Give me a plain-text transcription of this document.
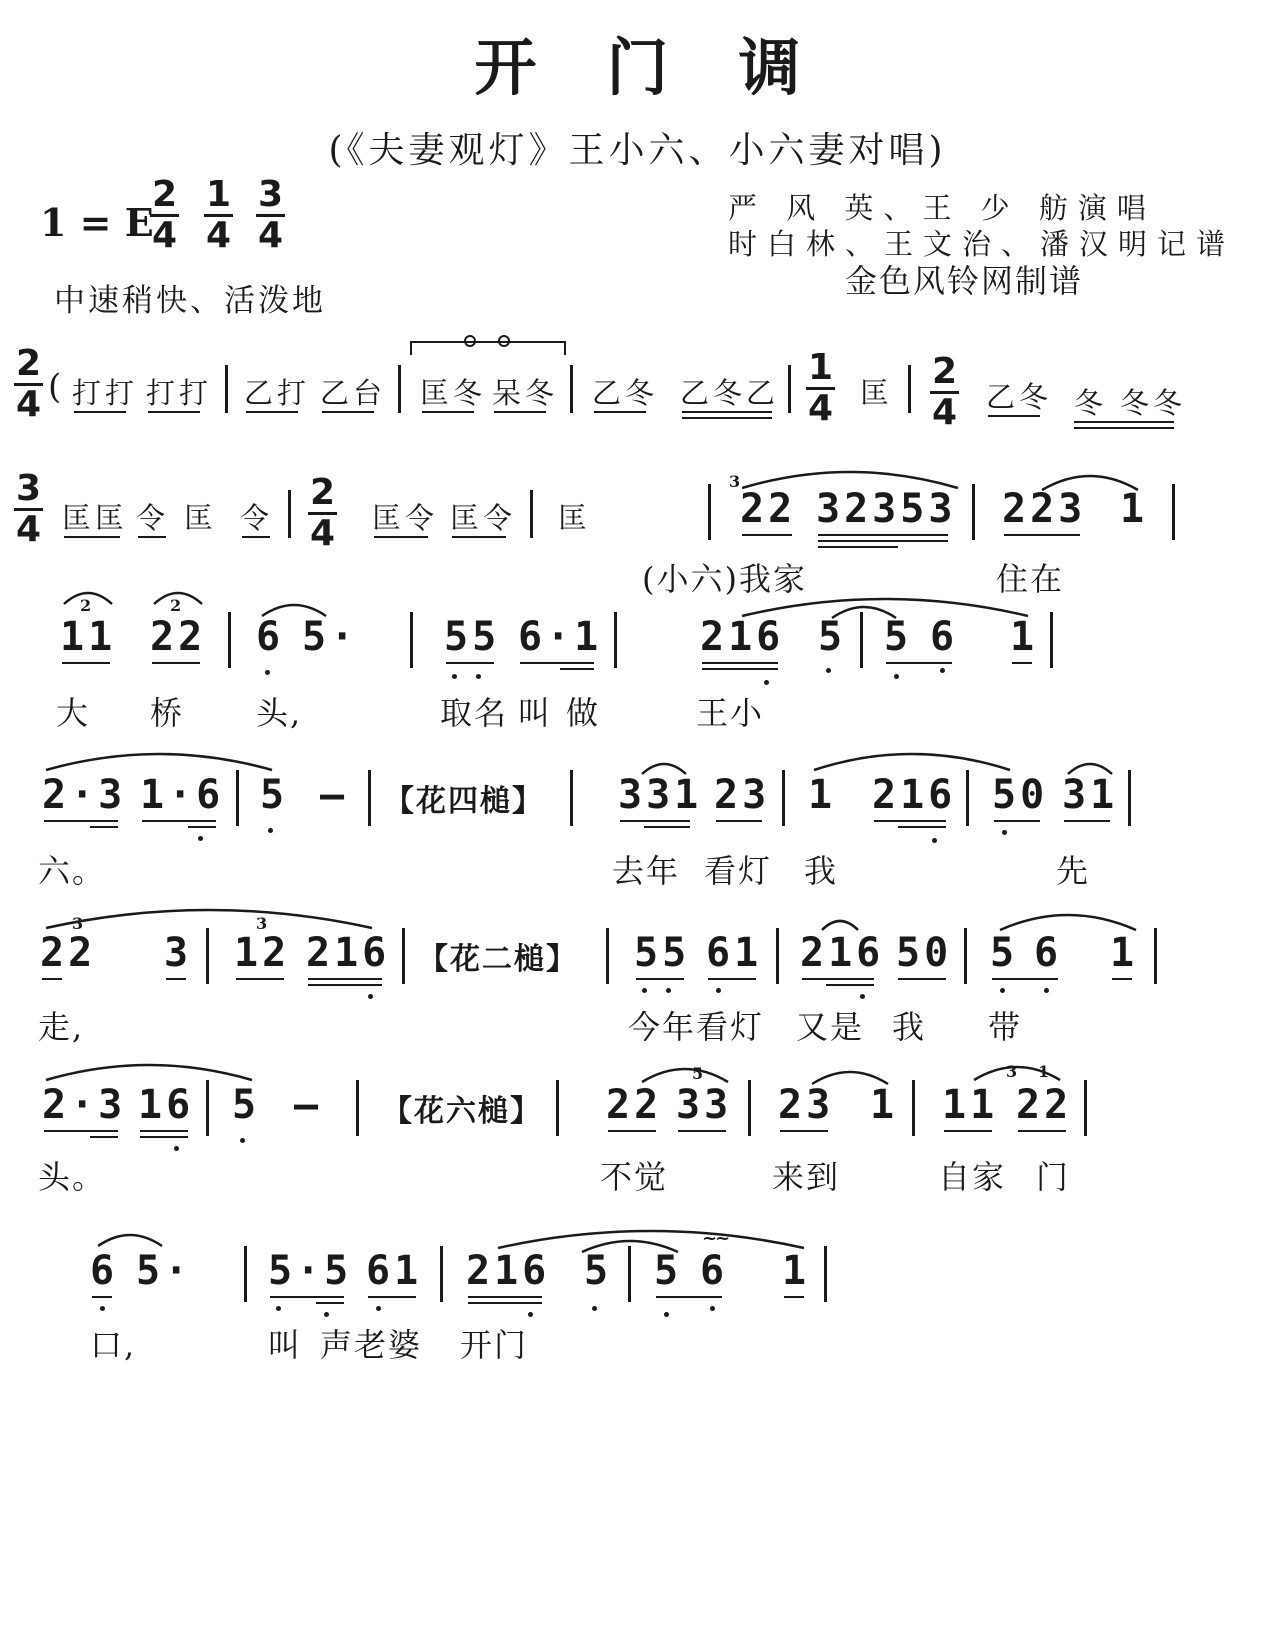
开门调
(《夫妻观灯》王小六、小六妻对唱)
1 = E
$\frac{2}{4} \frac{1}{4} \frac{3}{4}$
中速稍快、活泼地
严 风 英、王 少 舫演唱
时白林、王文治、潘汉明记谱
金色风铃网制谱
$\frac{2}{4}$ ( 打打 打打 乙打 乙台 匡冬 呆冬 乙冬 乙冬乙 $\frac{1}{4}$ 匡 $\frac{2}{4}$ 乙冬 冬 冬冬
$\frac{3}{4}$ 匡匡 令 匡 令 $\frac{2}{4}$ 匡令 匡令 匡
3
22 32353 223 1
(小六)我家	住在
2	2
11 22 6 5· 55 6·1 216 5 5 6 1
大 桥 头,	取名 叫 做	王小
2·3 1·6 5 – 【花四槌】 331 23 1 216 50 31
六。	去年 看灯 我	先
3	3
22 3 12 216 【花二槌】 55 61 216 50 5 6 1
走,	今年看灯 又是 我 带
2·3 16 5 – 【花六槌】
5
22 33 23 1
3 1
11 22
头。	不觉	来到	自家 门
6 5· 5·5 61 216 5
~~
5 6 1
口,	叫 声老婆 开门
